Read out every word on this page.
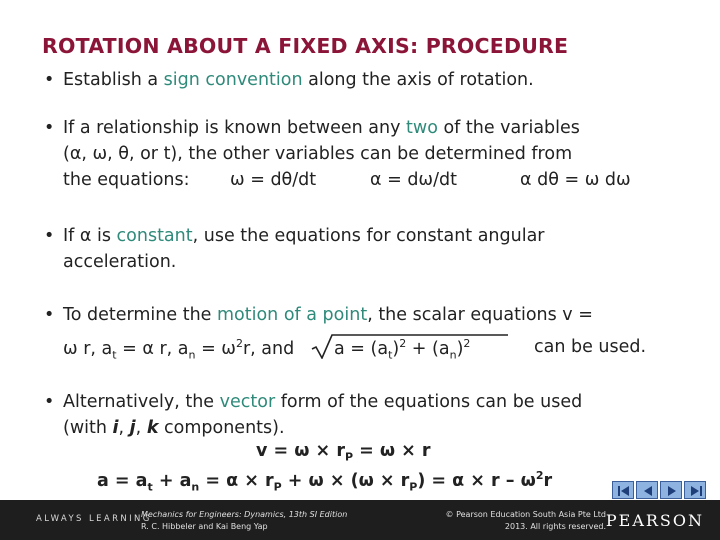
ROTATION ABOUT A FIXED AXIS: PROCEDURE
• Establish a sign convention along the axis of rotation.
• If a relationship is known between any two of the variables
(α, ω, θ, or t), the other variables can be determined from
the equations: ω = dθ/dt	α = dω/dt	α dθ = ω dω
• If α is constant, use the equations for constant angular
acceleration.
• To determine the motion of a point, the scalar equations v =
ω r, $a_t = \alpha$ r, $a_n = \omega^2r$, and $a = (a_t)^2 + (a_n)^2$	can be used.
• Alternatively, the vector form of the equations can be used
(with i, j, k components).
$v = \omega \times r_P = \omega \times r$
$a = a_t + a_n = \alpha \times r_P + \omega \times (\omega \times r_P) = \alpha \times r - \omega^2r$
ALWAYS LEARNING
Mechanics for Engineers: Dynamics, 13th SI Edition
R. C. Hibbeler and Kai Beng Yap
© Pearson Education South Asia Pte Ltd
2013. All rights reserved. PEARSON
